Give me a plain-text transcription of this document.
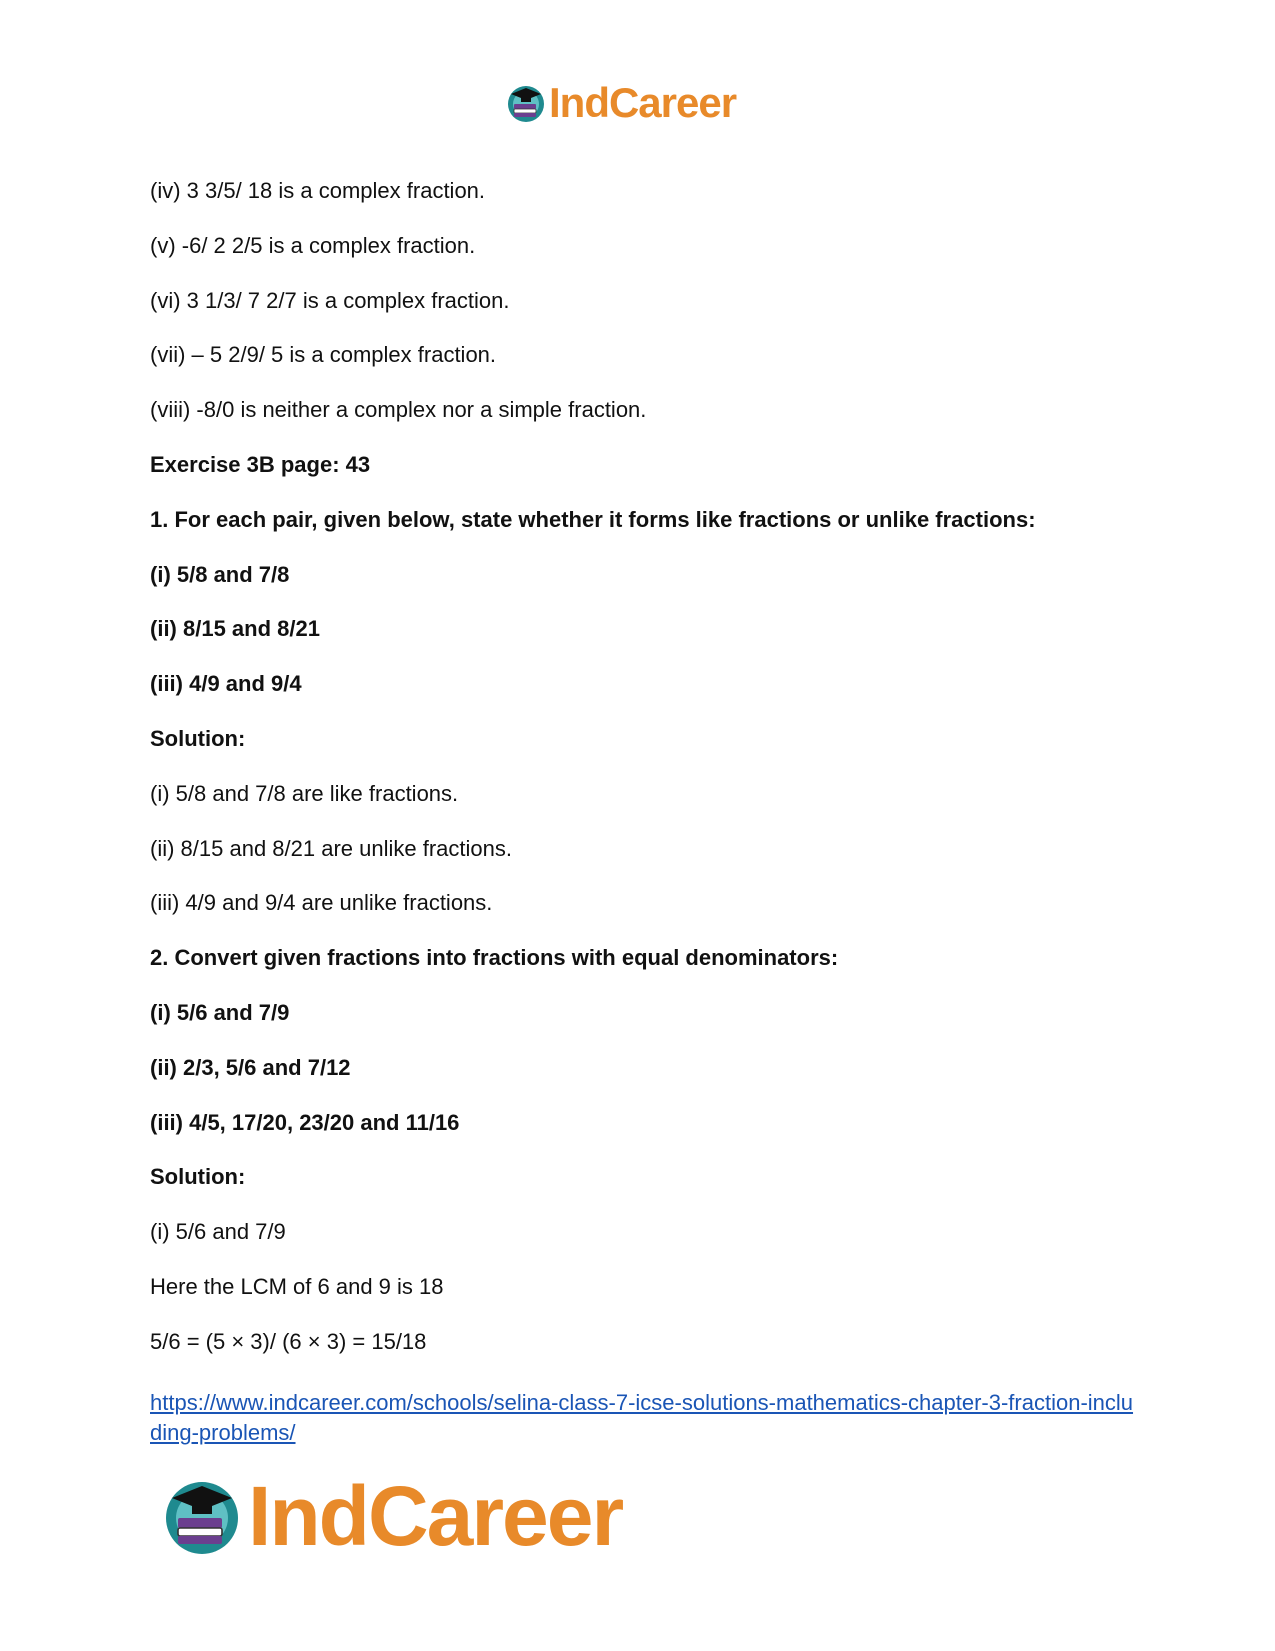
IndCareer
(iv) 3 3/5/ 18 is a complex fraction.
(v) -6/ 2 2/5 is a complex fraction.
(vi) 3 1/3/ 7 2/7 is a complex fraction.
(vii) – 5 2/9/ 5 is a complex fraction.
(viii) -8/0 is neither a complex nor a simple fraction.
Exercise 3B page: 43
1. For each pair, given below, state whether it forms like fractions or unlike fractions:
(i) 5/8 and 7/8
(ii) 8/15 and 8/21
(iii) 4/9 and 9/4
Solution:
(i) 5/8 and 7/8 are like fractions.
(ii) 8/15 and 8/21 are unlike fractions.
(iii) 4/9 and 9/4 are unlike fractions.
2. Convert given fractions into fractions with equal denominators:
(i) 5/6 and 7/9
(ii) 2/3, 5/6 and 7/12
(iii) 4/5, 17/20, 23/20 and 11/16
Solution:
(i) 5/6 and 7/9
Here the LCM of 6 and 9 is 18
5/6 = (5 × 3)/ (6 × 3) = 15/18
https://www.indcareer.com/schools/selina-class-7-icse-solutions-mathematics-chapter-3-fraction-including-problems/
IndCareer
